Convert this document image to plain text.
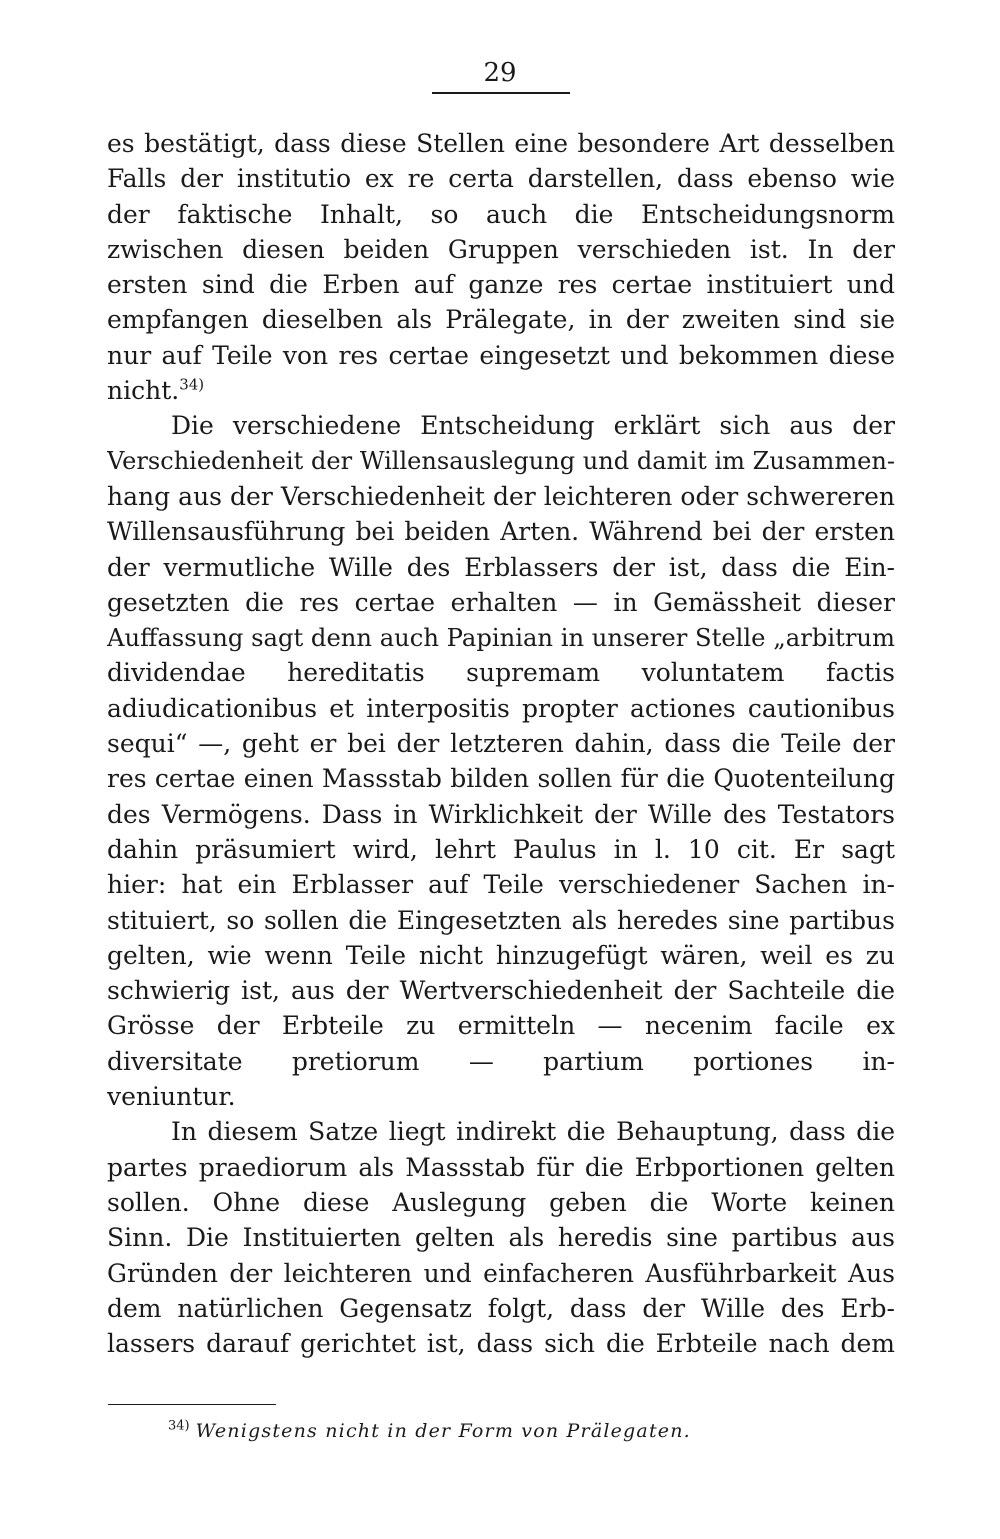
29
es bestätigt, dass diese Stellen eine besondere Art desselben
Falls der institutio ex re certa darstellen, dass ebenso wie
der faktische Inhalt, so auch die Entscheidungsnorm
zwischen diesen beiden Gruppen verschieden ist. In der
ersten sind die Erben auf ganze res certae instituiert und
empfangen dieselben als Prälegate, in der zweiten sind sie
nur auf Teile von res certae eingesetzt und bekommen diese
nicht.$^{34)}$
Die verschiedene Entscheidung erklärt sich aus der
Verschiedenheit der Willensauslegung und damit im Zusammen-
hang aus der Verschiedenheit der leichteren oder schwereren
Willensausführung bei beiden Arten. Während bei der ersten
der vermutliche Wille des Erblassers der ist, dass die Ein-
gesetzten die res certae erhalten — in Gemässheit dieser
Auffassung sagt denn auch Papinian in unserer Stelle „arbitrum
dividendae hereditatis supremam voluntatem factis
adiudicationibus et interpositis propter actiones cautionibus
sequi“ —, geht er bei der letzteren dahin, dass die Teile der
res certae einen Massstab bilden sollen für die Quotenteilung
des Vermögens. Dass in Wirklichkeit der Wille des Testators
dahin präsumiert wird, lehrt Paulus in l. 10 cit. Er sagt
hier: hat ein Erblasser auf Teile verschiedener Sachen in-
stituiert, so sollen die Eingesetzten als heredes sine partibus
gelten, wie wenn Teile nicht hinzugefügt wären, weil es zu
schwierig ist, aus der Wertverschiedenheit der Sachteile die
Grösse der Erbteile zu ermitteln — necenim facile ex
diversitate pretiorum — partium portiones in-
veniuntur.
In diesem Satze liegt indirekt die Behauptung, dass die
partes praediorum als Massstab für die Erbportionen gelten
sollen. Ohne diese Auslegung geben die Worte keinen
Sinn. Die Instituierten gelten als heredis sine partibus aus
Gründen der leichteren und einfacheren Ausführbarkeit Aus
dem natürlichen Gegensatz folgt, dass der Wille des Erb-
lassers darauf gerichtet ist, dass sich die Erbteile nach dem
$^{34)}$ Wenigstens nicht in der Form von Prälegaten.
